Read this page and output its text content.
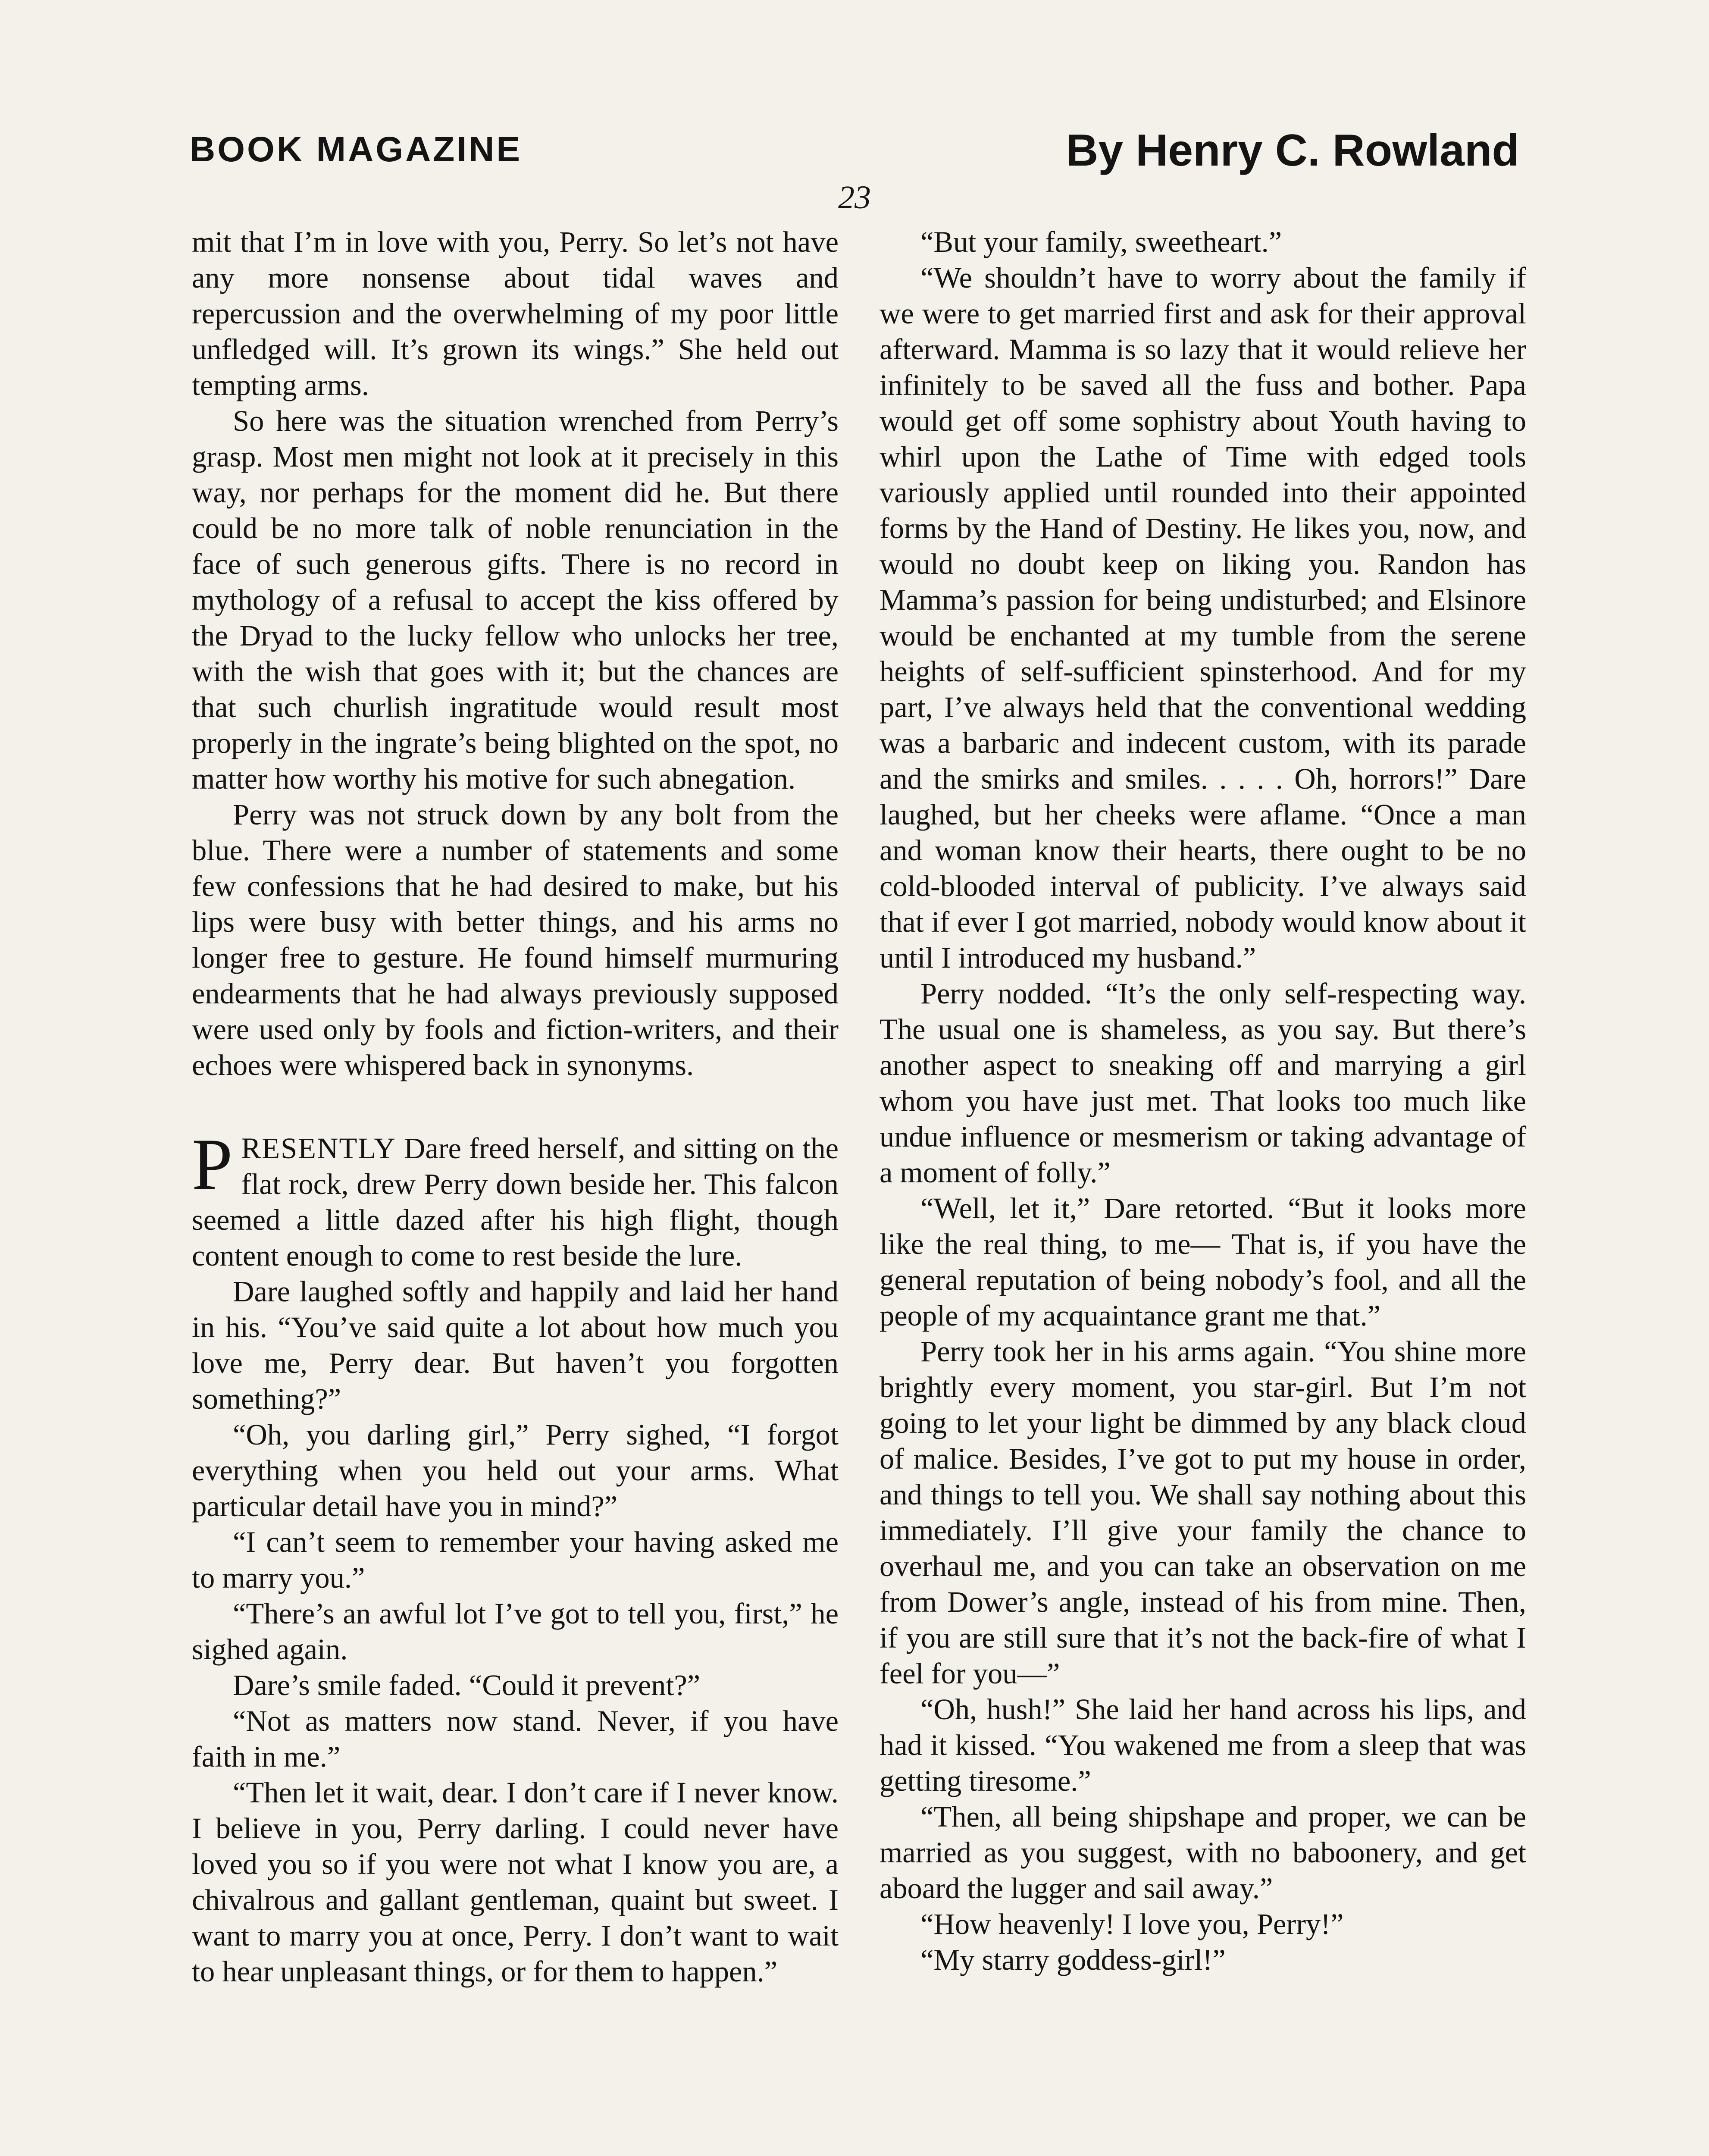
BOOK MAGAZINE	By Henry C. Rowland
23

mit that I’m in love with you, Perry. So let’s not have any more nonsense about tidal waves and repercussion and the overwhelming of my poor little unfledged will. It’s grown its wings.” She held out tempting arms.

So here was the situation wrenched from Perry’s grasp. Most men might not look at it precisely in this way, nor perhaps for the moment did he. But there could be no more talk of noble renunciation in the face of such generous gifts. There is no record in mythology of a refusal to accept the kiss offered by the Dryad to the lucky fellow who unlocks her tree, with the wish that goes with it; but the chances are that such churlish ingratitude would result most properly in the ingrate’s being blighted on the spot, no matter how worthy his motive for such abnegation.

Perry was not struck down by any bolt from the blue. There were a number of statements and some few confessions that he had desired to make, but his lips were busy with better things, and his arms no longer free to gesture. He found himself murmuring endearments that he had always previously supposed were used only by fools and fiction-writers, and their echoes were whispered back in synonyms.

PRESENTLY Dare freed herself, and sitting on the flat rock, drew Perry down beside her. This falcon seemed a little dazed after his high flight, though content enough to come to rest beside the lure.

Dare laughed softly and happily and laid her hand in his. “You’ve said quite a lot about how much you love me, Perry dear. But haven’t you forgotten something?”

“Oh, you darling girl,” Perry sighed, “I forgot everything when you held out your arms. What particular detail have you in mind?”

“I can’t seem to remember your having asked me to marry you.”

“There’s an awful lot I’ve got to tell you, first,” he sighed again.

Dare’s smile faded. “Could it prevent?”

“Not as matters now stand. Never, if you have faith in me.”

“Then let it wait, dear. I don’t care if I never know. I believe in you, Perry darling. I could never have loved you so if you were not what I know you are, a chivalrous and gallant gentleman, quaint but sweet. I want to marry you at once, Perry. I don’t want to wait to hear unpleasant things, or for them to happen.”

“But your family, sweetheart.”

“We shouldn’t have to worry about the family if we were to get married first and ask for their approval afterward. Mamma is so lazy that it would relieve her infinitely to be saved all the fuss and bother. Papa would get off some sophistry about Youth having to whirl upon the Lathe of Time with edged tools variously applied until rounded into their appointed forms by the Hand of Destiny. He likes you, now, and would no doubt keep on liking you. Randon has Mamma’s passion for being undisturbed; and Elsinore would be enchanted at my tumble from the serene heights of self-sufficient spinsterhood. And for my part, I’ve always held that the conventional wedding was a barbaric and indecent custom, with its parade and the smirks and smiles. . . . . Oh, horrors!” Dare laughed, but her cheeks were aflame. “Once a man and woman know their hearts, there ought to be no cold-blooded interval of publicity. I’ve always said that if ever I got married, nobody would know about it until I introduced my husband.”

Perry nodded. “It’s the only self-respecting way. The usual one is shameless, as you say. But there’s another aspect to sneaking off and marrying a girl whom you have just met. That looks too much like undue influence or mesmerism or taking advantage of a moment of folly.”

“Well, let it,” Dare retorted. “But it looks more like the real thing, to me— That is, if you have the general reputation of being nobody’s fool, and all the people of my acquaintance grant me that.”

Perry took her in his arms again. “You shine more brightly every moment, you star-girl. But I’m not going to let your light be dimmed by any black cloud of malice. Besides, I’ve got to put my house in order, and things to tell you. We shall say nothing about this immediately. I’ll give your family the chance to overhaul me, and you can take an observation on me from Dower’s angle, instead of his from mine. Then, if you are still sure that it’s not the back-fire of what I feel for you—”

“Oh, hush!” She laid her hand across his lips, and had it kissed. “You wakened me from a sleep that was getting tiresome.”

“Then, all being shipshape and proper, we can be married as you suggest, with no baboonery, and get aboard the lugger and sail away.”

“How heavenly! I love you, Perry!”

“My starry goddess-girl!”
